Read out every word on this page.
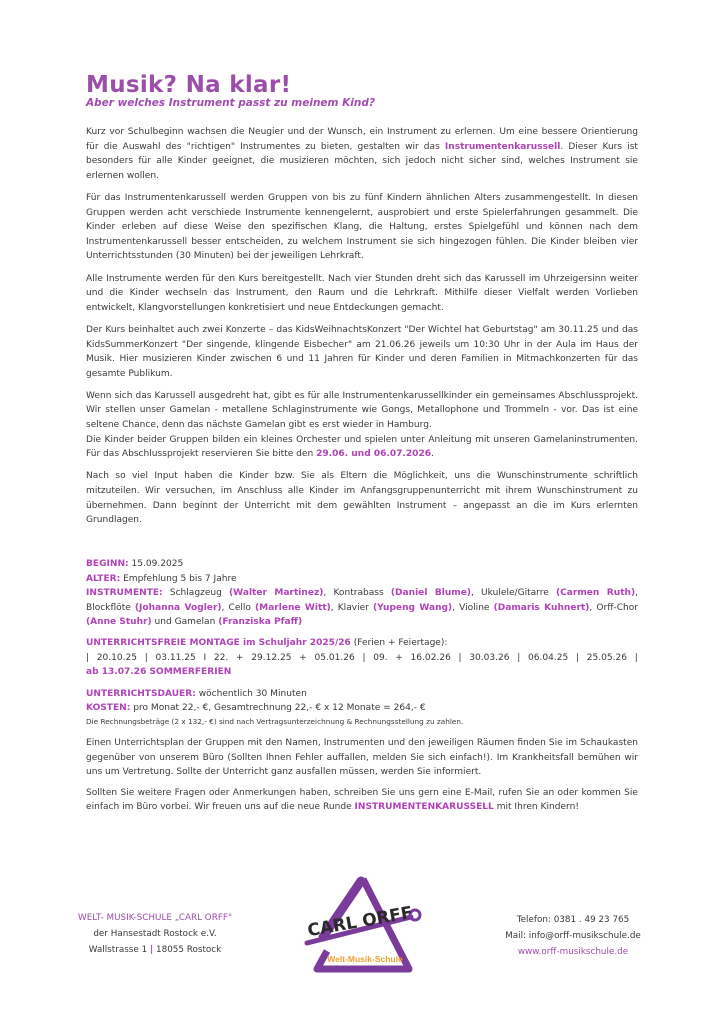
Musik? Na klar!
Aber welches Instrument passt zu meinem Kind?

Kurz vor Schulbeginn wachsen die Neugier und der Wunsch, ein Instrument zu erlernen. Um eine bessere Orientierung für die Auswahl des "richtigen" Instrumentes zu bieten, gestalten wir das Instrumentenkarussell. Dieser Kurs ist besonders für alle Kinder geeignet, die musizieren möchten, sich jedoch nicht sicher sind, welches Instrument sie erlernen wollen.

Für das Instrumentenkarussell werden Gruppen von bis zu fünf Kindern ähnlichen Alters zusammengestellt. In diesen Gruppen werden acht verschiede Instrumente kennengelernt, ausprobiert und erste Spielerfahrungen gesammelt. Die Kinder erleben auf diese Weise den spezifischen Klang, die Haltung, erstes Spielgefühl und können nach dem Instrumentenkarussell besser entscheiden, zu welchem Instrument sie sich hingezogen fühlen. Die Kinder bleiben vier Unterrichtsstunden (30 Minuten) bei der jeweiligen Lehrkraft.

Alle Instrumente werden für den Kurs bereitgestellt. Nach vier Stunden dreht sich das Karussell im Uhrzeigersinn weiter und die Kinder wechseln das Instrument, den Raum und die Lehrkraft. Mithilfe dieser Vielfalt werden Vorlieben entwickelt, Klangvorstellungen konkretisiert und neue Entdeckungen gemacht.

Der Kurs beinhaltet auch zwei Konzerte – das KidsWeihnachtsKonzert "Der Wichtel hat Geburtstag" am 30.11.25 und das KidsSummerKonzert "Der singende, klingende Eisbecher" am 21.06.26 jeweils um 10:30 Uhr in der Aula im Haus der Musik. Hier musizieren Kinder zwischen 6 und 11 Jahren für Kinder und deren Familien in Mitmachkonzerten für das gesamte Publikum.

Wenn sich das Karussell ausgedreht hat, gibt es für alle Instrumentenkarussellkinder ein gemeinsames Abschlussprojekt. Wir stellen unser Gamelan - metallene Schlaginstrumente wie Gongs, Metallophone und Trommeln - vor. Das ist eine seltene Chance, denn das nächste Gamelan gibt es erst wieder in Hamburg.
Die Kinder beider Gruppen bilden ein kleines Orchester und spielen unter Anleitung mit unseren Gamelaninstrumenten. Für das Abschlussprojekt reservieren Sie bitte den 29.06. und 06.07.2026.

Nach so viel Input haben die Kinder bzw. Sie als Eltern die Möglichkeit, uns die Wunschinstrumente schriftlich mitzuteilen. Wir versuchen, im Anschluss alle Kinder im Anfangsgruppenunterricht mit ihrem Wunschinstrument zu übernehmen. Dann beginnt der Unterricht mit dem gewählten Instrument – angepasst an die im Kurs erlernten Grundlagen.

BEGINN: 15.09.2025
ALTER: Empfehlung 5 bis 7 Jahre

INSTRUMENTE: Schlagzeug (Walter Martinez), Kontrabass (Daniel Blume), Ukulele/Gitarre (Carmen Ruth), Blockflöte (Johanna Vogler), Cello (Marlene Witt), Klavier (Yupeng Wang), Violine (Damaris Kuhnert), Orff-Chor (Anne Stuhr) und Gamelan (Franziska Pfaff)

UNTERRICHTSFREIE MONTAGE im Schuljahr 2025/26 (Ferien + Feiertage):
| 20.10.25 | 03.11.25 I 22. + 29.12.25 + 05.01.26 | 09. + 16.02.26 | 30.03.26 | 06.04.25 | 25.05.26 |
ab 13.07.26 SOMMERFERIEN
UNTERRICHTSDAUER: wöchentlich 30 Minuten
KOSTEN: pro Monat 22,- €, Gesamtrechnung 22,- € x 12 Monate = 264,- €
Die Rechnungsbeträge (2 x 132,- €) sind nach Vertragsunterzeichnung & Rechnungsstellung zu zahlen.

Einen Unterrichtsplan der Gruppen mit den Namen, Instrumenten und den jeweiligen Räumen finden Sie im Schaukasten gegenüber von unserem Büro (Sollten Ihnen Fehler auffallen, melden Sie sich einfach!). Im Krankheitsfall bemühen wir uns um Vertretung. Sollte der Unterricht ganz ausfallen müssen, werden Sie informiert.

Sollten Sie weitere Fragen oder Anmerkungen haben, schreiben Sie uns gern eine E-Mail, rufen Sie an oder kommen Sie einfach im Büro vorbei. Wir freuen uns auf die neue Runde INSTRUMENTENKARUSSELL mit Ihren Kindern!

WELT- MUSIK-SCHULE „CARL ORFF"
der Hansestadt Rostock e.V.
Wallstrasse 1 | 18055 Rostock
CARL ORFF
Welt-Musik-Schule
Telefon: 0381 . 49 23 765
Mail: info@orff-musikschule.de
www.orff-musikschule.de
